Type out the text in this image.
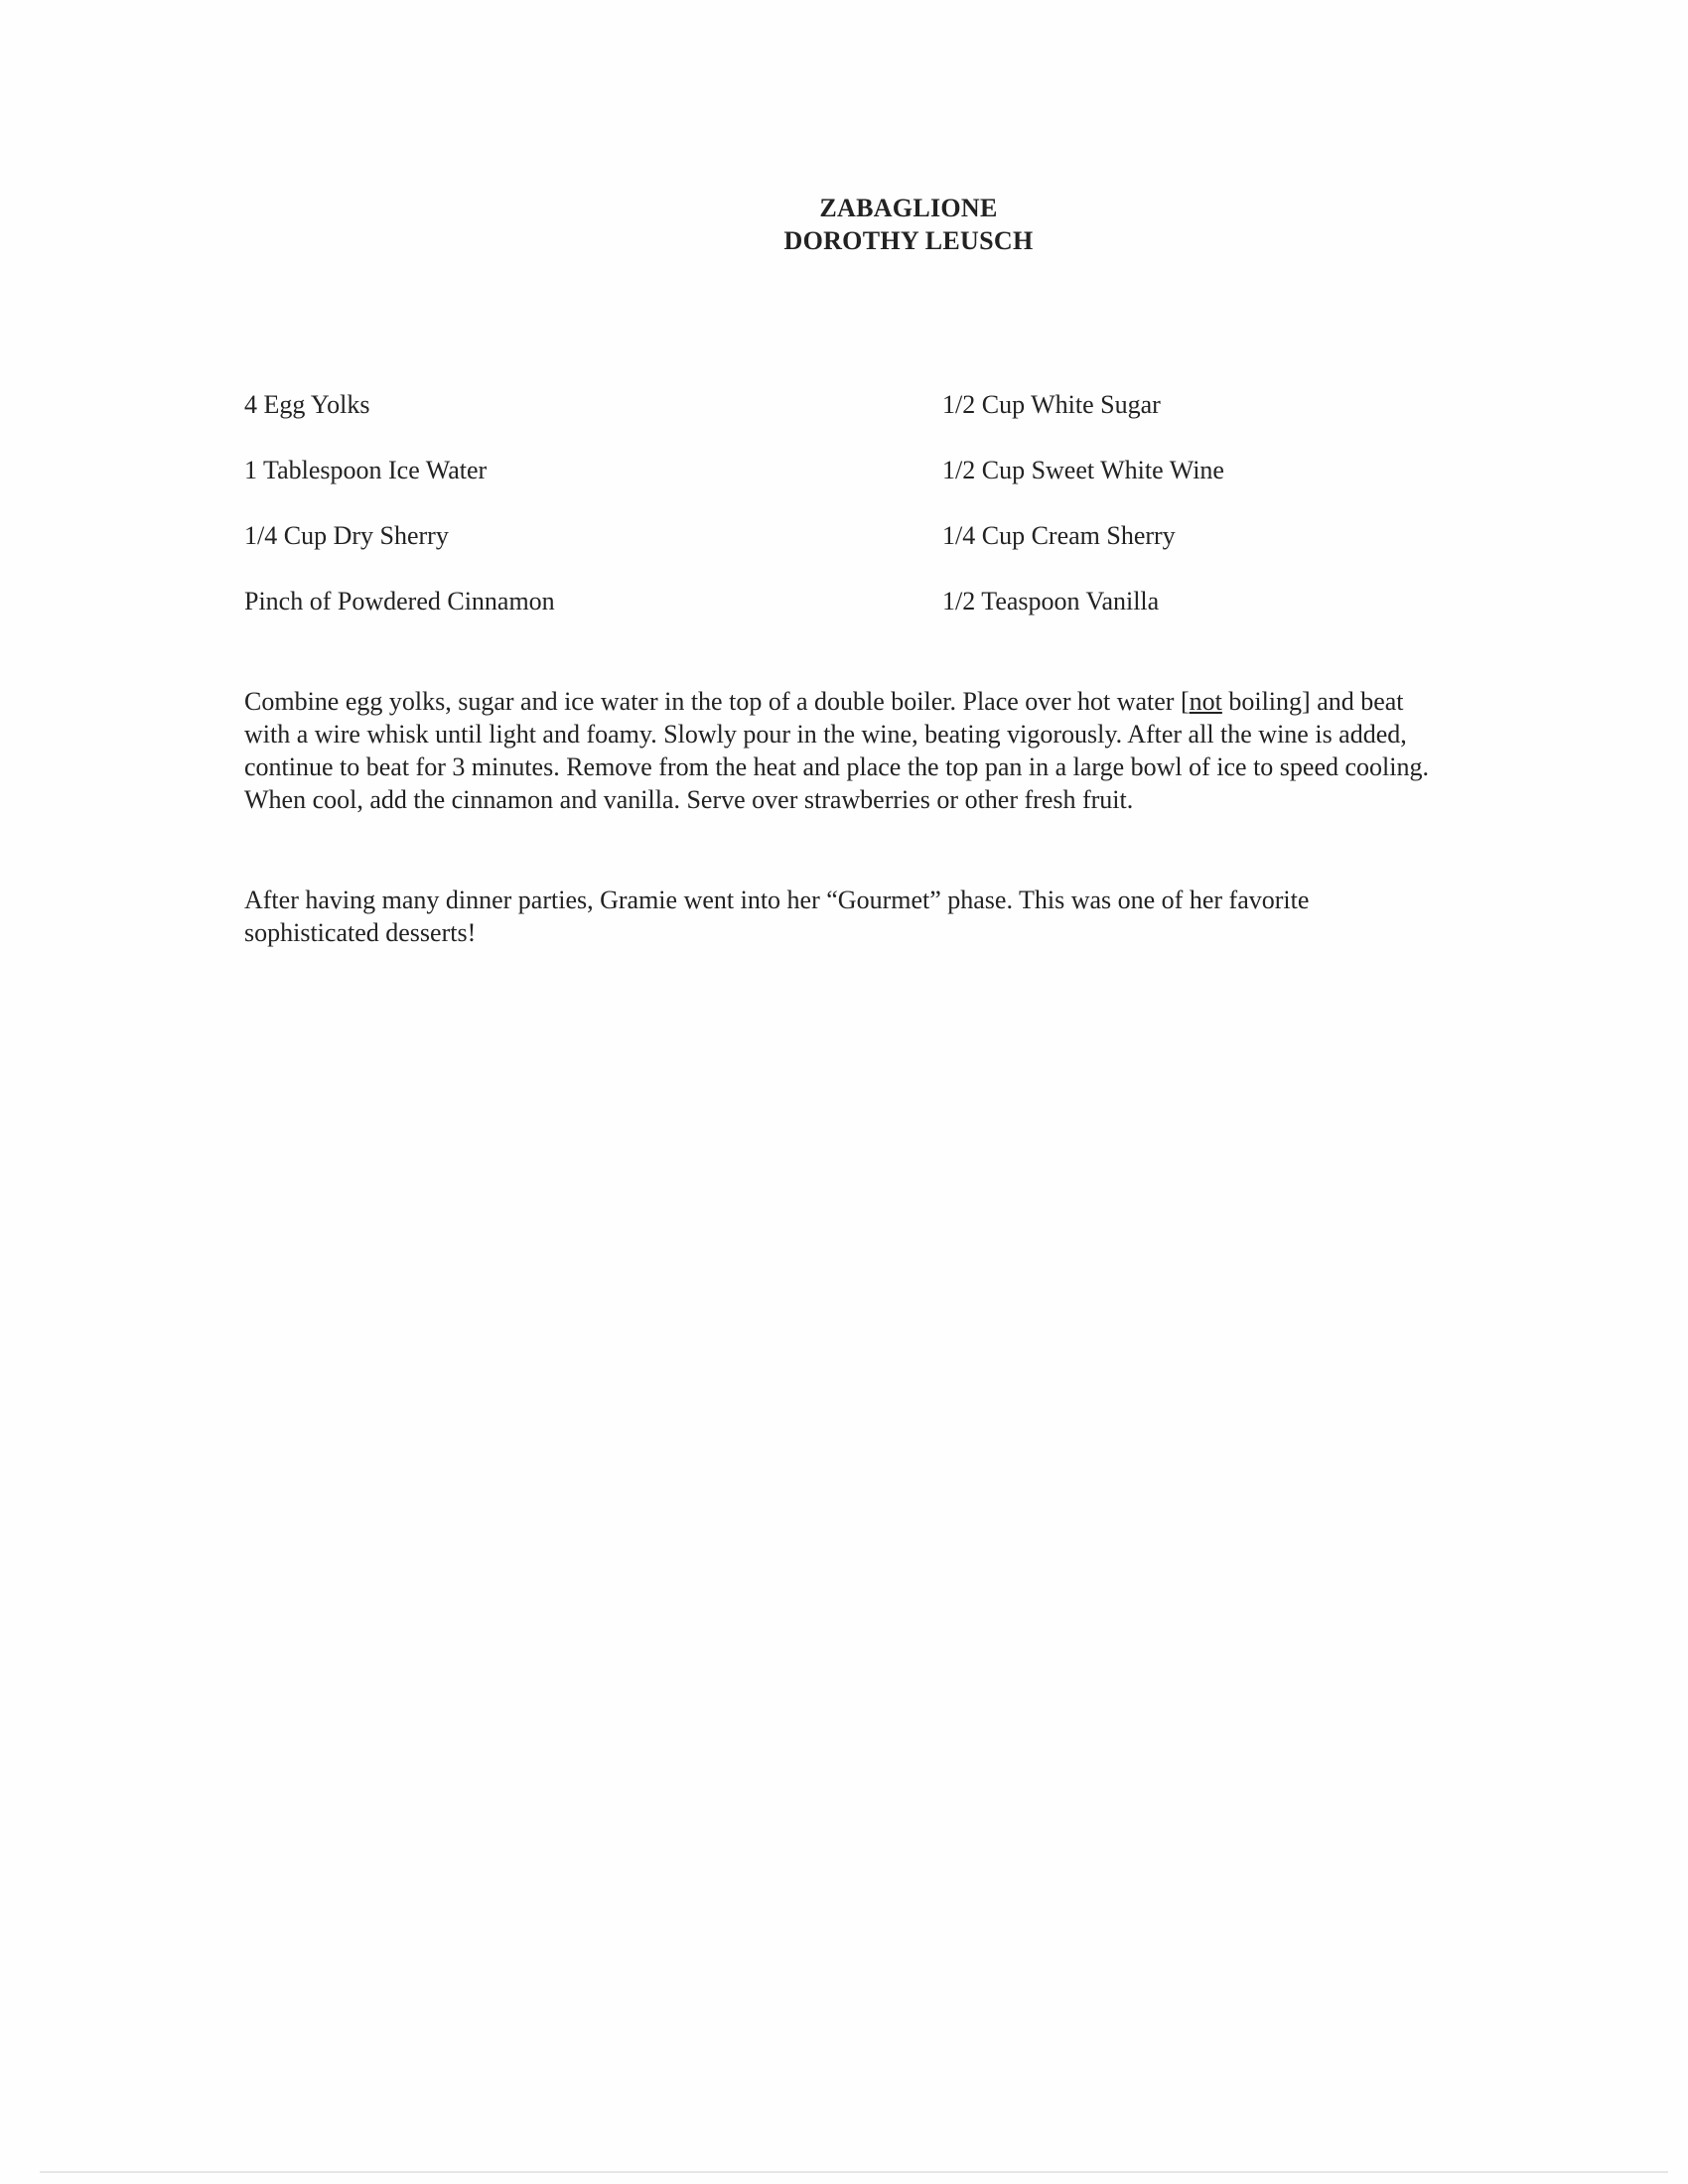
ZABAGLIONE
DOROTHY LEUSCH
4 Egg Yolks	1/2 Cup White Sugar
1 Tablespoon Ice Water	1/2 Cup Sweet White Wine
1/4 Cup Dry Sherry	1/4 Cup Cream Sherry
Pinch of Powdered Cinnamon	1/2 Teaspoon Vanilla
Combine egg yolks, sugar and ice water in the top of a double boiler. Place over hot water [not boiling] and beat with a wire whisk until light and foamy. Slowly pour in the wine, beating vigorously. After all the wine is added, continue to beat for 3 minutes. Remove from the heat and place the top pan in a large bowl of ice to speed cooling. When cool, add the cinnamon and vanilla. Serve over strawberries or other fresh fruit.
After having many dinner parties, Gramie went into her “Gourmet” phase. This was one of her favorite sophisticated desserts!
